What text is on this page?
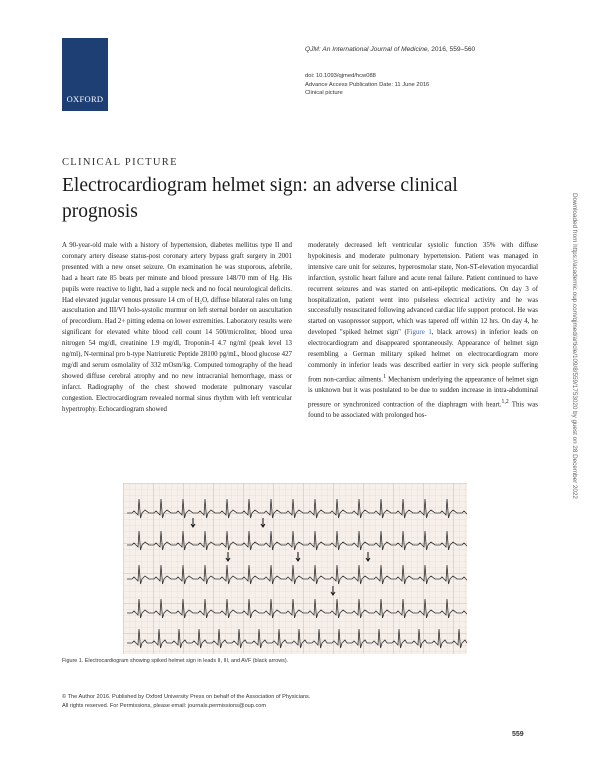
OXFORD
QJM: An International Journal of Medicine, 2016, 559–560
doi: 10.1093/qjmed/hcw088
Advance Access Publication Date: 11 June 2016
Clinical picture
CLINICAL PICTURE
Electrocardiogram helmet sign: an adverse clinical prognosis
A 90-year-old male with a history of hypertension, diabetes mellitus type II and coronary artery disease status-post coronary artery bypass graft surgery in 2001 presented with a new onset seizure. On examination he was stuporous, afebrile, had a heart rate 85 beats per minute and blood pressure 148/70 mm of Hg. His pupils were reactive to light, had a supple neck and no focal neurological deficits. Had elevated jugular venous pressure 14 cm of H₂O, diffuse bilateral rales on lung auscultation and III/VI holo-systolic murmur on left sternal border on auscultation of precordium. Had 2+ pitting edema on lower extremities. Laboratory results were significant for elevated white blood cell count 14 500/microliter, blood urea nitrogen 54 mg/dl, creatinine 1.9 mg/dl, Troponin-I 4.7 ng/ml (peak level 13 ng/ml), N-terminal pro b-type Natriuretic Peptide 28100 pg/mL, blood glucose 427 mg/dl and serum osmolality of 332 mOsm/kg. Computed tomography of the head showed diffuse cerebral atrophy and no new intracranial hemorrhage, mass or infarct. Radiography of the chest showed moderate pulmonary vascular congestion. Electrocardiogram revealed normal sinus rhythm with left ventricular hypertrophy. Echocardiogram showed
moderately decreased left ventricular systolic function 35% with diffuse hypokinesis and moderate pulmonary hypertension. Patient was managed in intensive care unit for seizures, hyperosmolar state, Non-ST-elevation myocardial infarction, systolic heart failure and acute renal failure. Patient continued to have recurrent seizures and was started on anti-epileptic medications. On day 3 of hospitalization, patient went into pulseless electrical activity and he was successfully resuscitated following advanced cardiac life support protocol. He was started on vasopressor support, which was tapered off within 12 hrs. On day 4, he developed "spiked helmet sign" (Figure 1, black arrows) in inferior leads on electrocardiogram and disappeared spontaneously. Appearance of helmet sign resembling a German military spiked helmet on electrocardiogram more commonly in inferior leads was described earlier in very sick people suffering from non-cardiac ailments.$^1$ Mechanism underlying the appearance of helmet sign is unknown but it was postulated to be due to sudden increase in intra-abdominal pressure or synchronized contraction of the diaphragm with heart.$^{1,2}$ This was found to be associated with prolonged hos-
Figure 1. Electrocardiogram showing spiked helmet sign in leads II, III, and AVF (black arrows).
© The Author 2016. Published by Oxford University Press on behalf of the Association of Physicians.
All rights reserved. For Permissions, please email: journals.permissions@oup.com
559
Downloaded from https://academic.oup.com/qjmed/article/109/8/559/1753020 by guest on 28 December 2022
